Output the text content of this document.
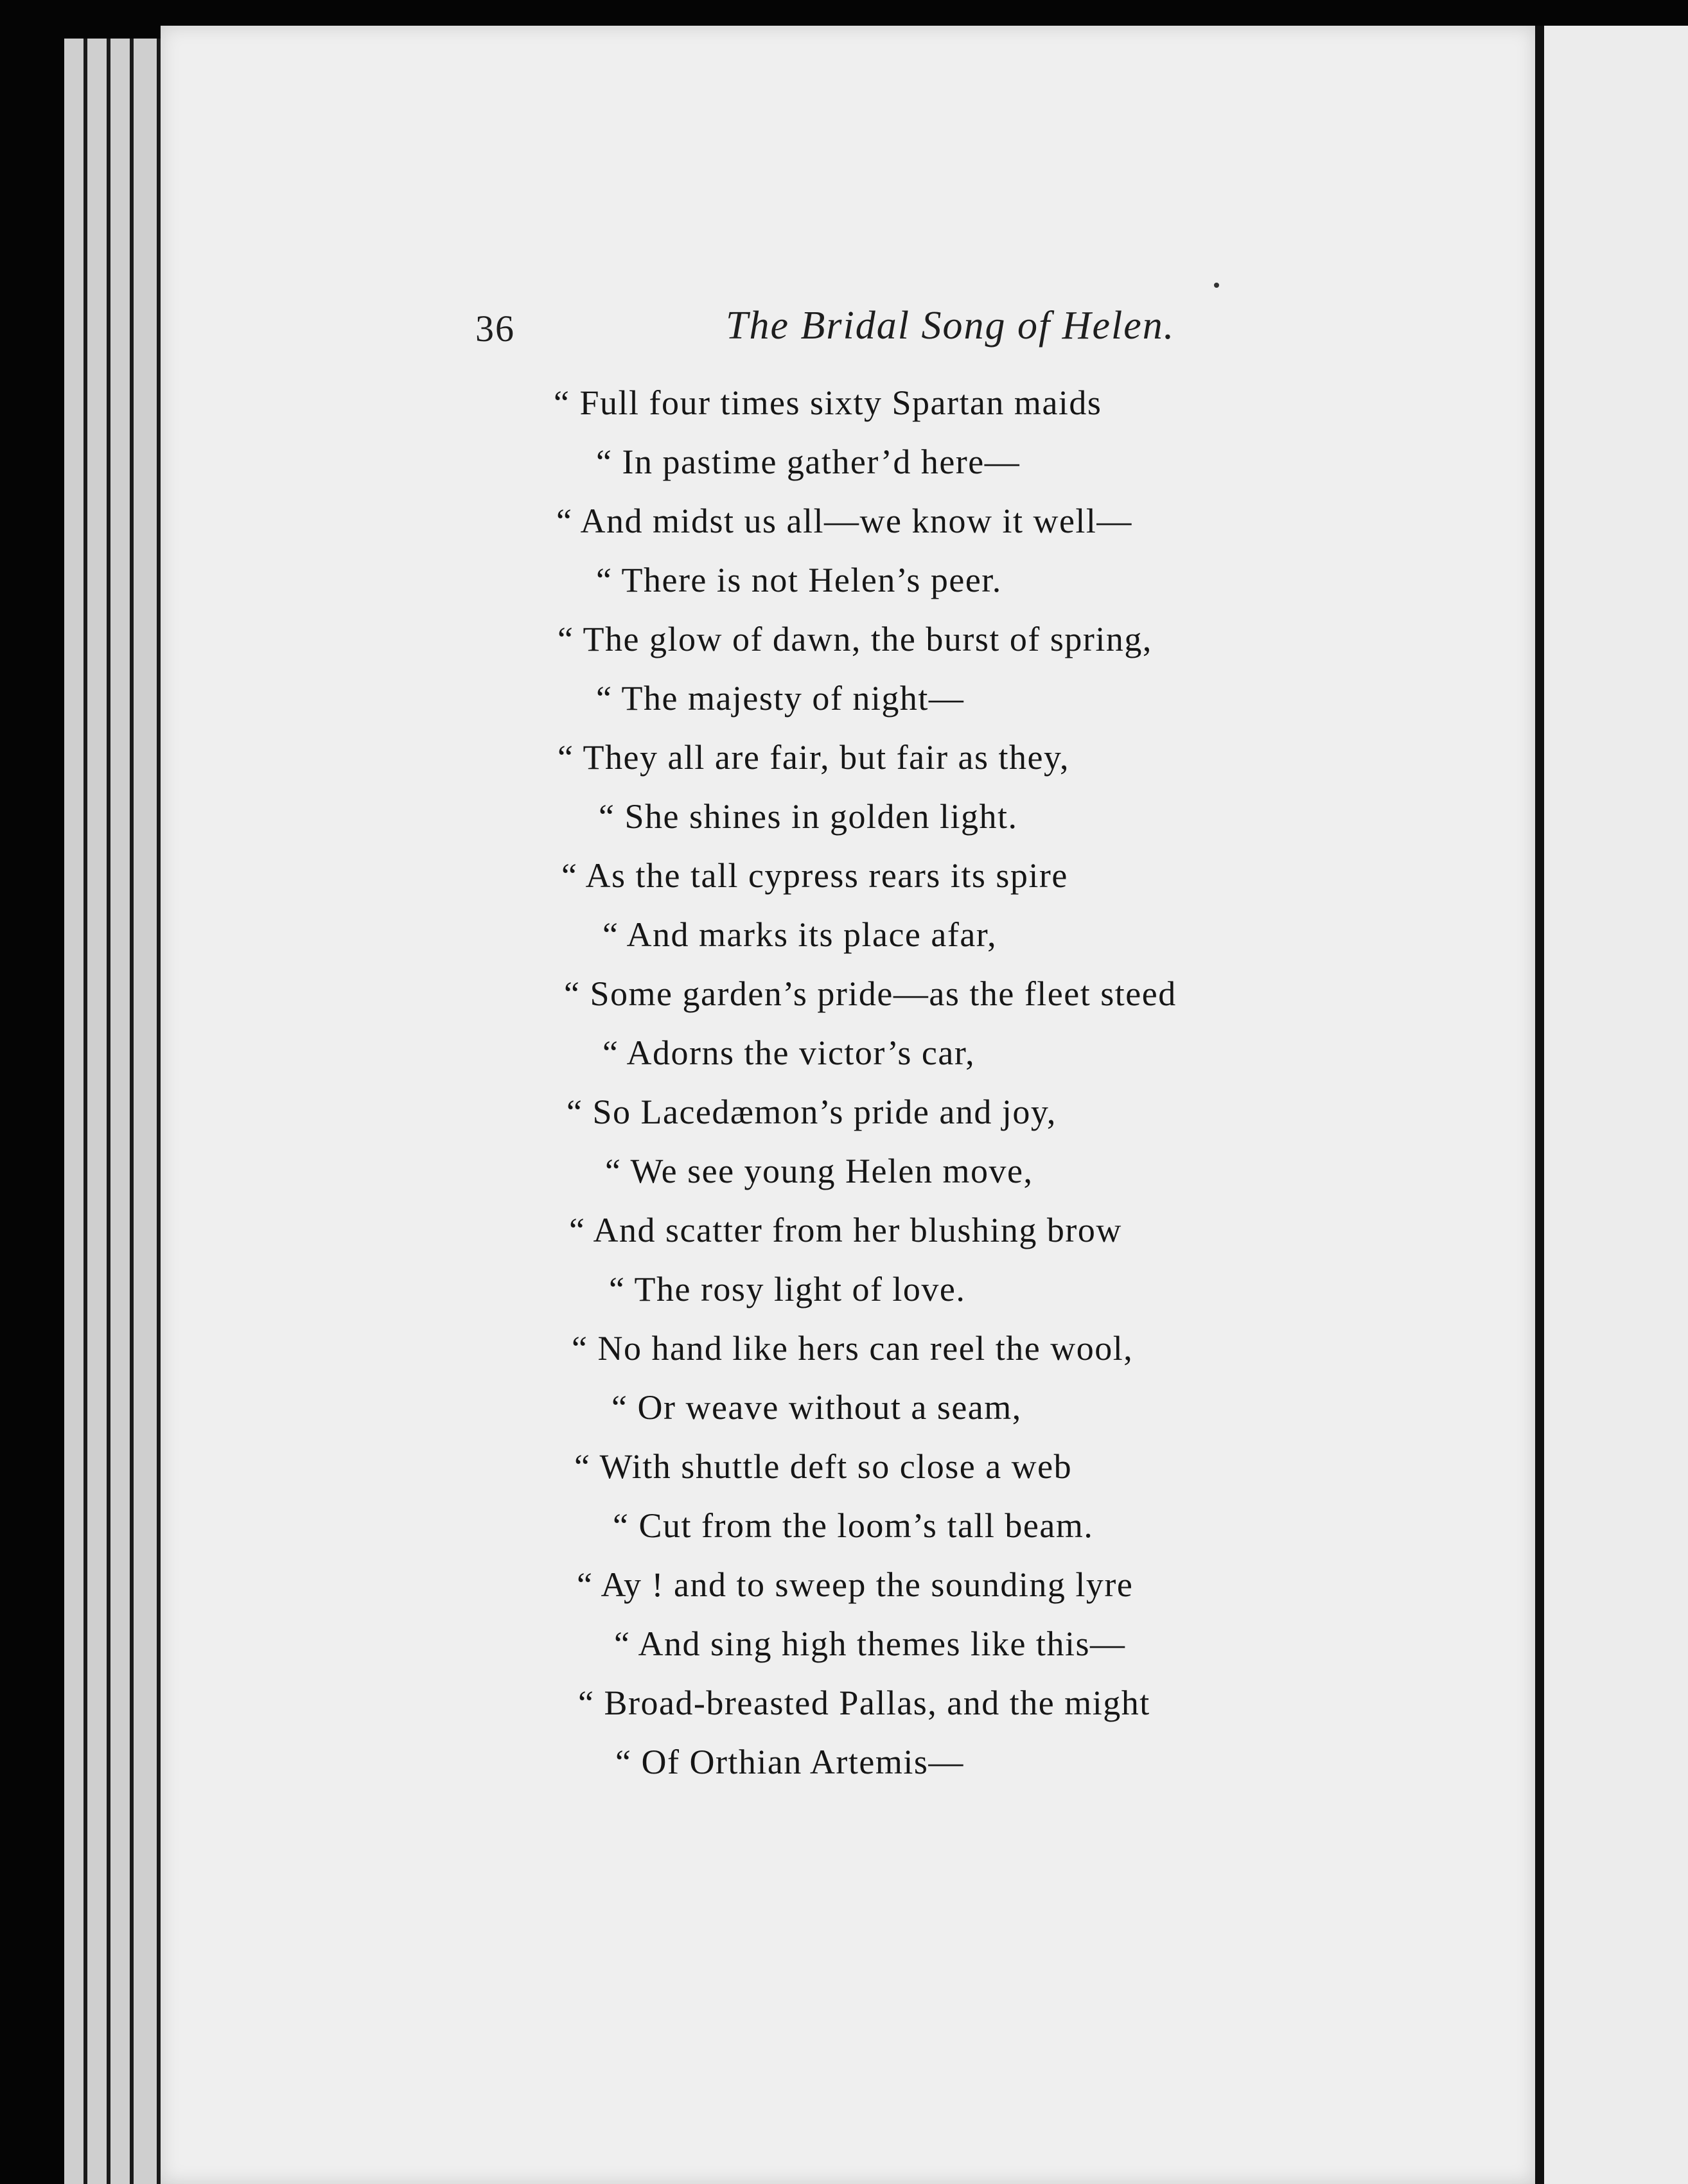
36	The Bridal Song of Helen.
“ Full four times sixty Spartan maids
“ In pastime gather’d here—
“ And midst us all—we know it well—
“ There is not Helen’s peer.
“ The glow of dawn, the burst of spring,
“ The majesty of night—
“ They all are fair, but fair as they,
“ She shines in golden light.
“ As the tall cypress rears its spire
“ And marks its place afar,
“ Some garden’s pride—as the fleet steed
“ Adorns the victor’s car,
“ So Lacedæmon’s pride and joy,
“ We see young Helen move,
“ And scatter from her blushing brow
“ The rosy light of love.
“ No hand like hers can reel the wool,
“ Or weave without a seam,
“ With shuttle deft so close a web
“ Cut from the loom’s tall beam.
“ Ay ! and to sweep the sounding lyre
“ And sing high themes like this—
“ Broad-breasted Pallas, and the might
“ Of Orthian Artemis—
